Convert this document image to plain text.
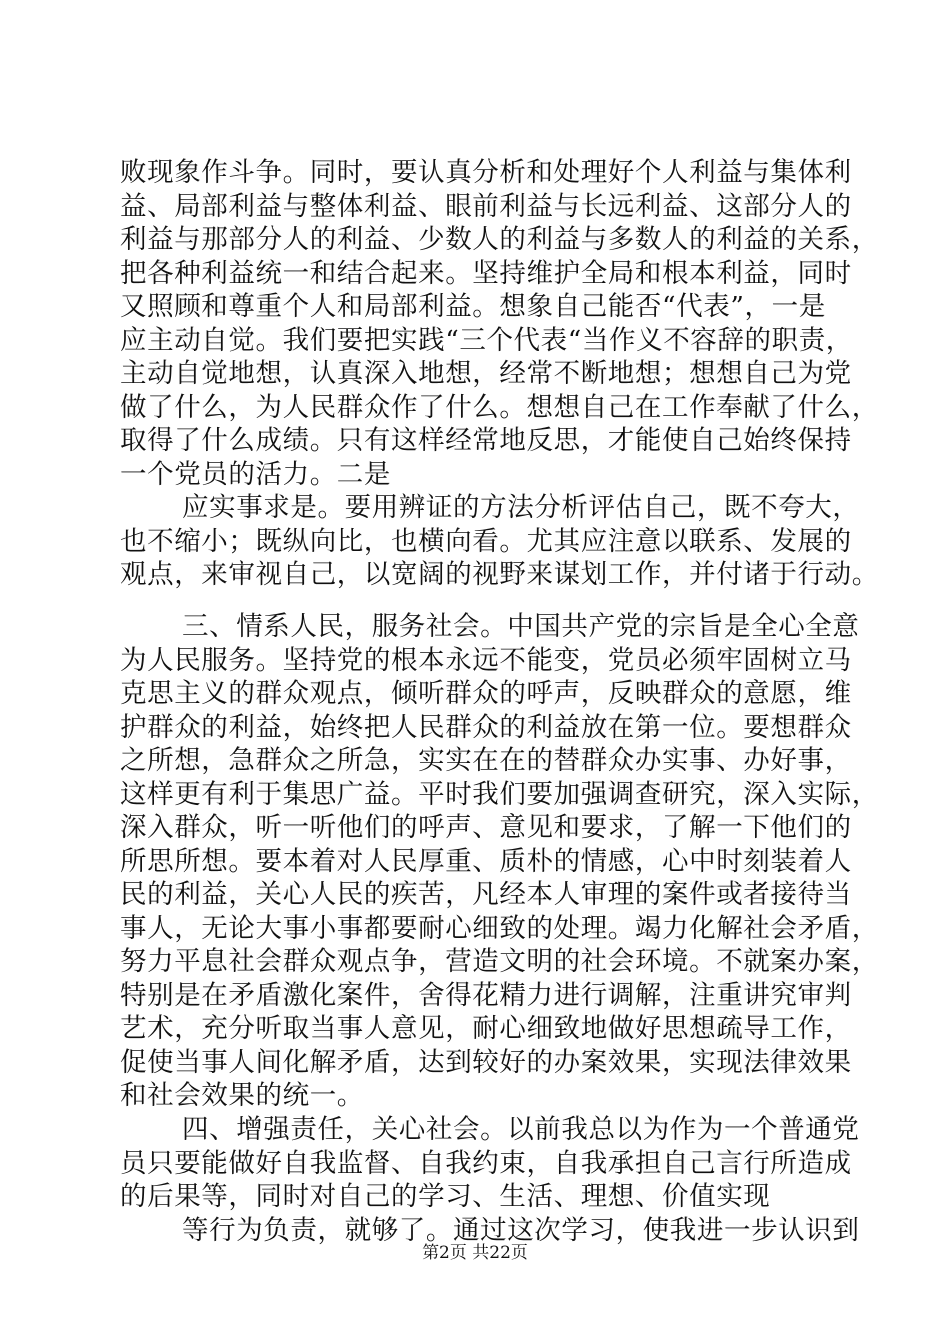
败现象作斗争。同时，要认真分析和处理好个人利益与集体利
益、局部利益与整体利益、眼前利益与长远利益、这部分人的
利益与那部分人的利益、少数人的利益与多数人的利益的关系，
把各种利益统一和结合起来。坚持维护全局和根本利益，同时
又照顾和尊重个人和局部利益。想象自己能否“代表”，一是
应主动自觉。我们要把实践“三个代表“当作义不容辞的职责，
主动自觉地想，认真深入地想，经常不断地想；想想自己为党
做了什么，为人民群众作了什么。想想自己在工作奉献了什么，
取得了什么成绩。只有这样经常地反思，才能使自己始终保持
一个党员的活力。二是
应实事求是。要用辨证的方法分析评估自己，既不夸大，
也不缩小；既纵向比，也横向看。尤其应注意以联系、发展的
观点，来审视自己，以宽阔的视野来谋划工作，并付诸于行动。
三、情系人民，服务社会。中国共产党的宗旨是全心全意
为人民服务。坚持党的根本永远不能变，党员必须牢固树立马
克思主义的群众观点，倾听群众的呼声，反映群众的意愿，维
护群众的利益，始终把人民群众的利益放在第一位。要想群众
之所想，急群众之所急，实实在在的替群众办实事、办好事，
这样更有利于集思广益。平时我们要加强调查研究，深入实际，
深入群众，听一听他们的呼声、意见和要求，了解一下他们的
所思所想。要本着对人民厚重、质朴的情感，心中时刻装着人
民的利益，关心人民的疾苦，凡经本人审理的案件或者接待当
事人，无论大事小事都要耐心细致的处理。竭力化解社会矛盾，
努力平息社会群众观点争，营造文明的社会环境。不就案办案，
特别是在矛盾激化案件，舍得花精力进行调解，注重讲究审判
艺术，充分听取当事人意见，耐心细致地做好思想疏导工作，
促使当事人间化解矛盾，达到较好的办案效果，实现法律效果
和社会效果的统一。
四、增强责任，关心社会。以前我总以为作为一个普通党
员只要能做好自我监督、自我约束，自我承担自己言行所造成
的后果等，同时对自己的学习、生活、理想、价值实现
等行为负责，就够了。通过这次学习，使我进一步认识到
第2页 共22页
